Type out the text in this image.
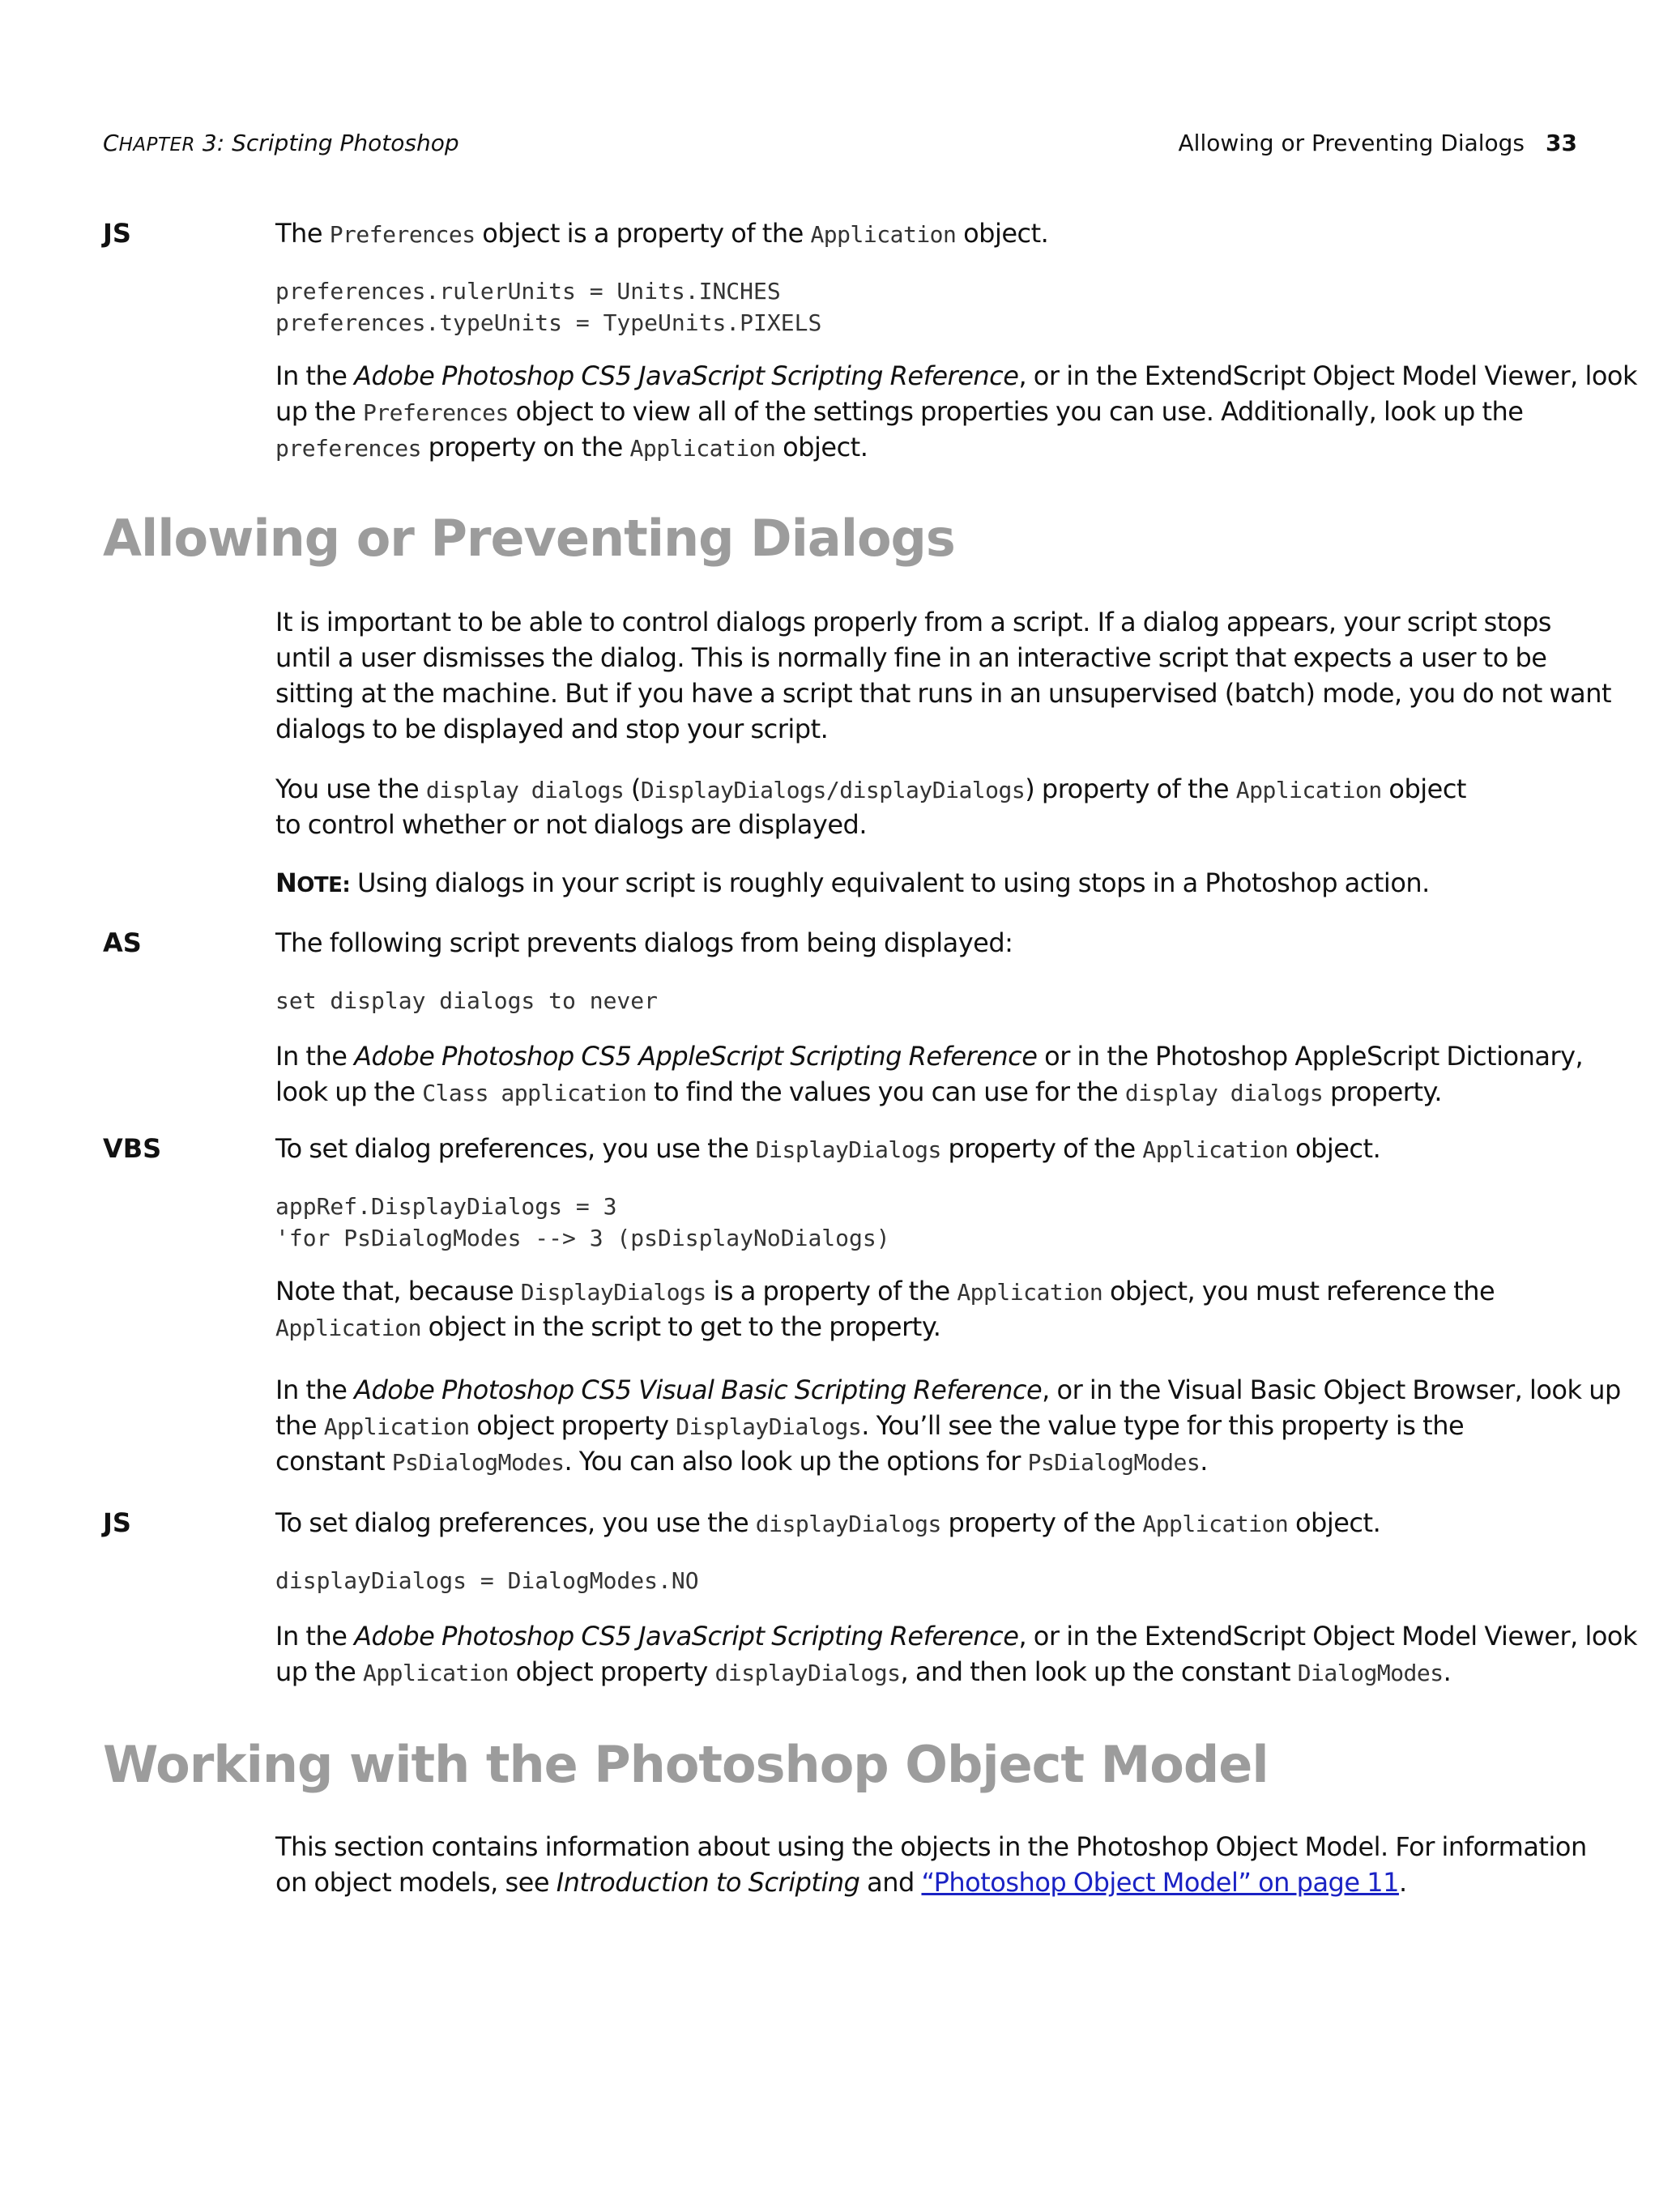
CHAPTER 3: Scripting Photoshop	Allowing or Preventing Dialogs 33
JS	The Preferences object is a property of the Application object.
preferences.rulerUnits = Units.INCHES
preferences.typeUnits = TypeUnits.PIXELS
In the Adobe Photoshop CS5 JavaScript Scripting Reference, or in the ExtendScript Object Model Viewer, look
up the Preferences object to view all of the settings properties you can use. Additionally, look up the
preferences property on the Application object.
Allowing or Preventing Dialogs
It is important to be able to control dialogs properly from a script. If a dialog appears, your script stops
until a user dismisses the dialog. This is normally fine in an interactive script that expects a user to be
sitting at the machine. But if you have a script that runs in an unsupervised (batch) mode, you do not want
dialogs to be displayed and stop your script.
You use the display dialogs (DisplayDialogs/displayDialogs) property of the Application object
to control whether or not dialogs are displayed.
NOTE: Using dialogs in your script is roughly equivalent to using stops in a Photoshop action.
AS	The following script prevents dialogs from being displayed:
set display dialogs to never
In the Adobe Photoshop CS5 AppleScript Scripting Reference or in the Photoshop AppleScript Dictionary,
look up the Class application to find the values you can use for the display dialogs property.
VBS	To set dialog preferences, you use the DisplayDialogs property of the Application object.
appRef.DisplayDialogs = 3
'for PsDialogModes --> 3 (psDisplayNoDialogs)
Note that, because DisplayDialogs is a property of the Application object, you must reference the
Application object in the script to get to the property.
In the Adobe Photoshop CS5 Visual Basic Scripting Reference, or in the Visual Basic Object Browser, look up
the Application object property DisplayDialogs. You’ll see the value type for this property is the
constant PsDialogModes. You can also look up the options for PsDialogModes.
JS	To set dialog preferences, you use the displayDialogs property of the Application object.
displayDialogs = DialogModes.NO
In the Adobe Photoshop CS5 JavaScript Scripting Reference, or in the ExtendScript Object Model Viewer, look
up the Application object property displayDialogs, and then look up the constant DialogModes.
Working with the Photoshop Object Model
This section contains information about using the objects in the Photoshop Object Model. For information
on object models, see Introduction to Scripting and “Photoshop Object Model” on page 11.
